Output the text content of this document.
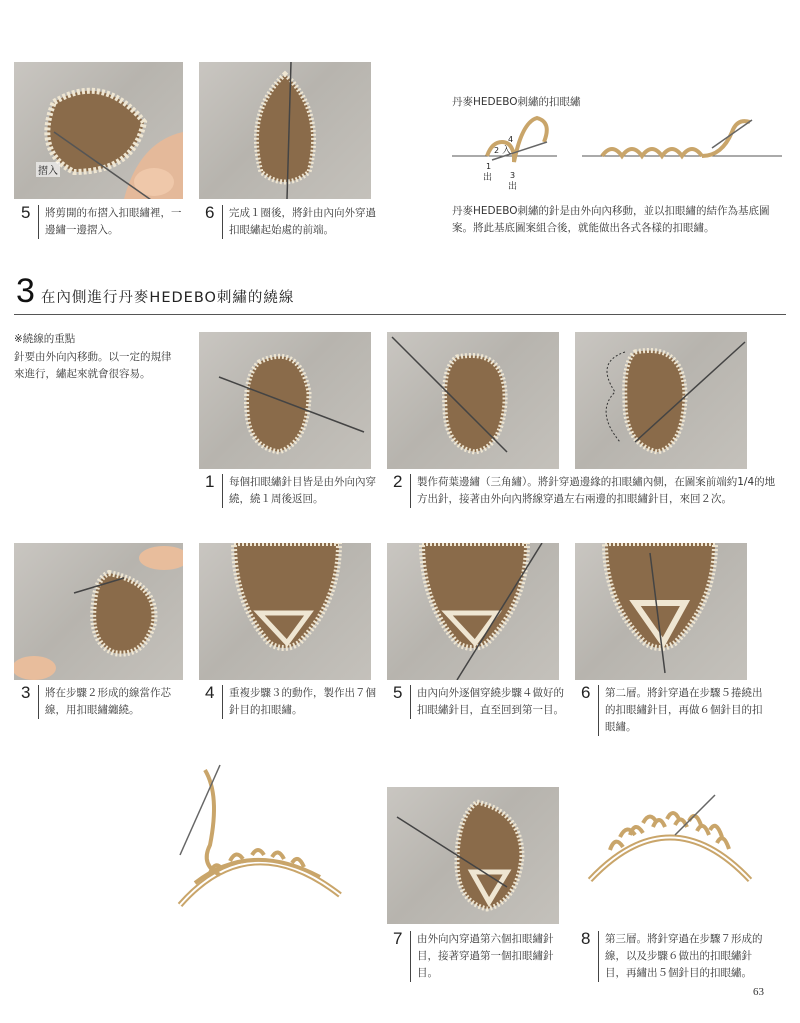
摺入
5 將剪開的布摺入扣眼繡裡，一邊繡一邊摺入。
6 完成１圈後，將針由內向外穿過扣眼繡起始處的前端。
丹麥HEDEBO刺繡的扣眼繡
4
2 入
1
出 3
出
丹麥HEDEBO刺繡的針是由外向內移動，並以扣眼繡的結作為基底圖案。將此基底圖案組合後，就能做出各式各樣的扣眼繡。
3 在內側進行丹麥HEDEBO刺繡的繞線
※繞線的重點
針要由外向內移動。以一定的規律來進行，繡起來就會很容易。
1 每個扣眼繡針目皆是由外向內穿繞，繞１周後返回。
2 製作荷葉邊繡（三角繡）。將針穿過邊緣的扣眼繡內側，在圖案前端約1/4的地方出針，接著由外向內將線穿過左右兩邊的扣眼繡針目，來回２次。
3 將在步驟２形成的線當作芯線，用扣眼繡纏繞。
4 重複步驟３的動作，製作出７個針目的扣眼繡。
5 由內向外逐個穿繞步驟４做好的扣眼繡針目，直至回到第一目。
6 第二層。將針穿過在步驟５捲繞出的扣眼繡針目，再做６個針目的扣眼繡。
7 由外向內穿過第六個扣眼繡針目，接著穿過第一個扣眼繡針目。
8 第三層。將針穿過在步驟７形成的線，以及步驟６做出的扣眼繡針目，再繡出５個針目的扣眼繡。
63
